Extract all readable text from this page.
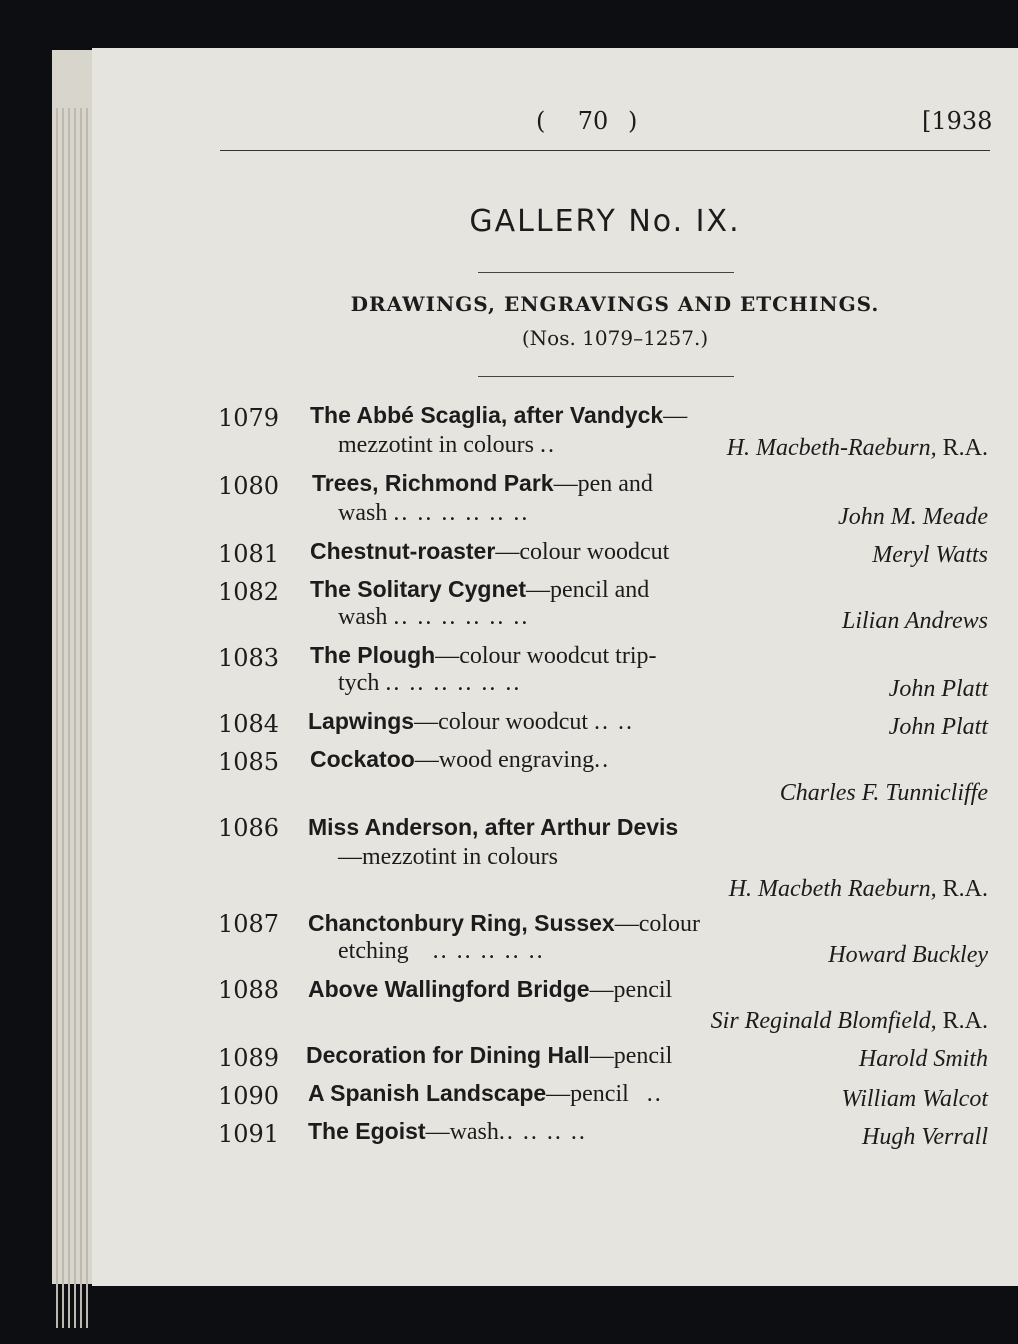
(	70 )	[1938
GALLERY No. IX.
DRAWINGS, ENGRAVINGS AND ETCHINGS.
(Nos. 1079–1257.)
1079 The Abbé Scaglia, after Vandyck—
mezzotint in colours ..	H. Macbeth-Raeburn, R.A.
1080 Trees, Richmond Park—pen and
wash .. .. .. .. .. ..	John M. Meade
1081 Chestnut-roaster—colour woodcut	Meryl Watts
1082 The Solitary Cygnet—pencil and
wash .. .. .. .. .. ..	Lilian Andrews
1083 The Plough—colour woodcut trip-
tych .. .. .. .. .. ..	John Platt
1084 Lapwings—colour woodcut .. ..	John Platt
1085 Cockatoo—wood engraving..
Charles F. Tunnicliffe
1086 Miss Anderson, after Arthur Devis
—mezzotint in colours
H. Macbeth Raeburn, R.A.
1087 Chanctonbury Ring, Sussex—colour
etching .. .. .. .. ..	Howard Buckley
1088 Above Wallingford Bridge—pencil
Sir Reginald Blomfield, R.A.
1089 Decoration for Dining Hall—pencil	Harold Smith
1090 A Spanish Landscape—pencil ..	William Walcot
1091 The Egoist—wash.. .. .. ..	Hugh Verrall
